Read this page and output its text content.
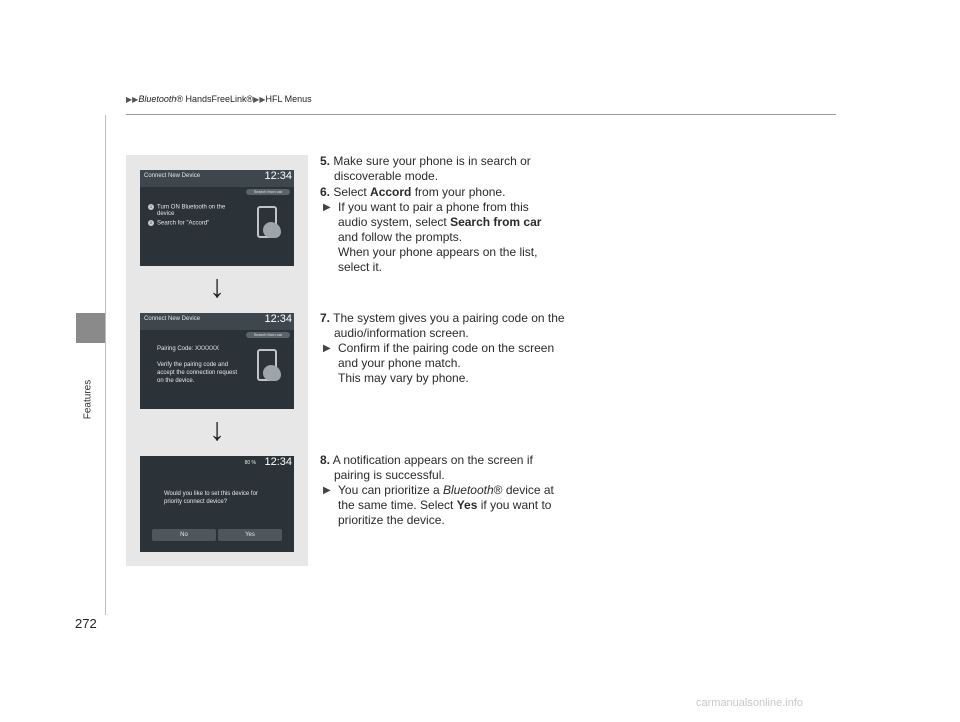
Features
▶▶Bluetooth® HandsFreeLink®▶▶HFL Menus
Connect New Device	12:34
Search from car
1 Turn ON Bluetooth on the
device
2 Search for "Accord"
↓
Connect New Device	12:34
Search from car
Pairing Code: XXXXXX
Verify the pairing code and
accept the connection request
on the device.
↓
80 % 12:34
Would you like to set this device for
priority connect device?
No	Yes
5. Make sure your phone is in search or
discoverable mode.
6. Select Accord from your phone.
▶ If you want to pair a phone from this
audio system, select Search from car
and follow the prompts.
When your phone appears on the list,
select it.
7. The system gives you a pairing code on the
audio/information screen.
▶ Confirm if the pairing code on the screen
and your phone match.
This may vary by phone.
8. A notification appears on the screen if
pairing is successful.
▶ You can prioritize a Bluetooth® device at
the same time. Select Yes if you want to
prioritize the device.
272
carmanualsonline.info
